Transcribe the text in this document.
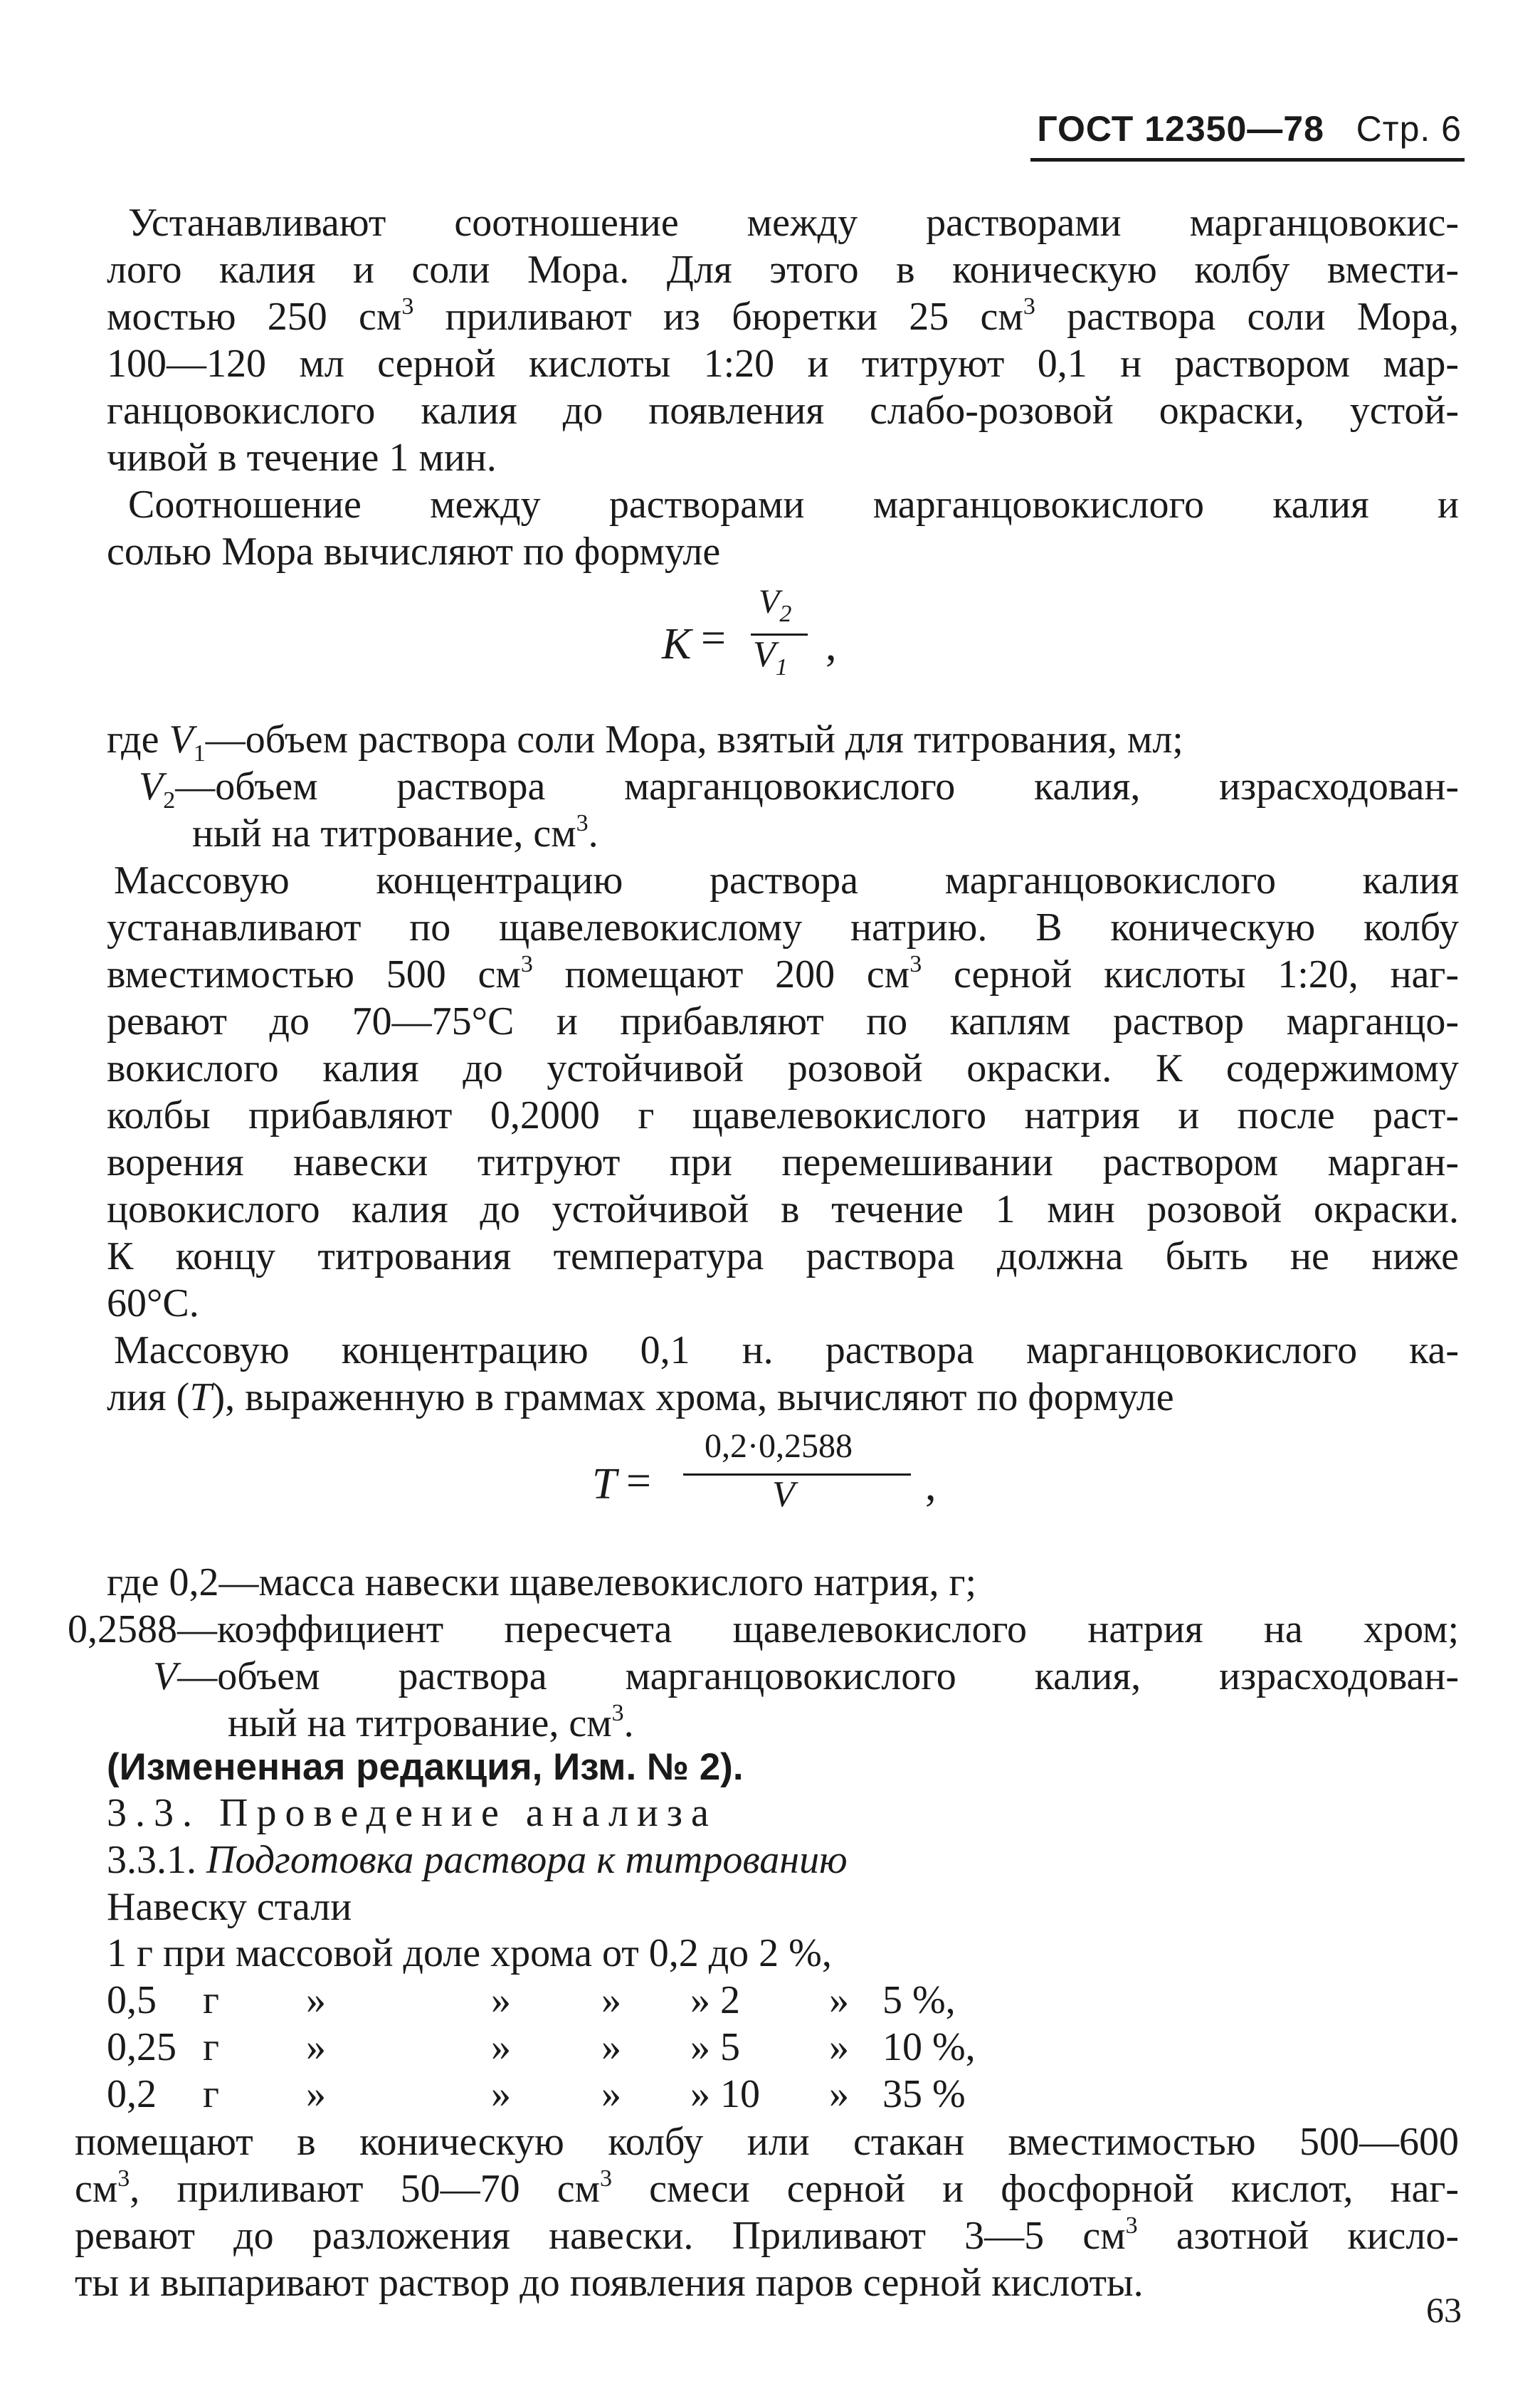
ГОСТ 12350—78 Стр. 6
Устанавливают соотношение между растворами марганцовокис-
лого калия и соли Мора. Для этого в коническую колбу вмести-
мостью 250 $см^3$ приливают из бюретки 25 $см^3$ раствора соли Мора,
100—120 мл серной кислоты 1:20 и титруют 0,1 н раствором мар-
ганцовокислого калия до появления слабо-розовой окраски, устой-
чивой в течение 1 мин.
Соотношение между растворами марганцовокислого калия и
солью Мора вычисляют по формуле
K =
$V_2$
$V_1$ ,
где $V_1—объем$ раствора соли Мора, взятый для титрования, мл;
$V_2—объем$ раствора марганцовокислого калия, израсходован-
ный на титрование, $см^3$.
Массовую концентрацию раствора марганцовокислого калия
устанавливают по щавелевокислому натрию. В коническую колбу
вместимостью 500 $см^3$ помещают 200 $см^3$ серной кислоты 1:20, наг-
ревают до 70—75°С и прибавляют по каплям раствор марганцо-
вокислого калия до устойчивой розовой окраски. К содержимому
колбы прибавляют 0,2000 г щавелевокислого натрия и после раст-
ворения навески титруют при перемешивании раствором марган-
цовокислого калия до устойчивой в течение 1 мин розовой окраски.
К концу титрования температура раствора должна быть не ниже
60°С.
Массовую концентрацию 0,1 н. раствора марганцовокислого ка-
лия (T), выраженную в граммах хрома, вычисляют по формуле
T =
0,2·0,2588
V	,
где 0,2—масса навески щавелевокислого натрия, г;
0,2588—коэффициент пересчета щавелевокислого натрия на хром;
V—объем раствора марганцовокислого калия, израсходован-
ный на титрование, $см^3$.
(Измененная редакция, Изм. № 2).
3.3. Проведение анализа
3.3.1. Подготовка раствора к титрованию
Навеску стали
1 г при массовой доле хрома от 0,2 до 2 %,
0,5 г »	» » » 2 » 5 %,
0,25 г »	» » » 5 » 10 %,
0,2 г »	» » » 10 » 35 %
помещают в коническую колбу или стакан вместимостью 500—600
$см^3$, приливают 50—70 $см^3$ смеси серной и фосфорной кислот, наг-
ревают до разложения навески. Приливают 3—5 $см^3$ азотной кисло-
ты и выпаривают раствор до появления паров серной кислоты.
63
